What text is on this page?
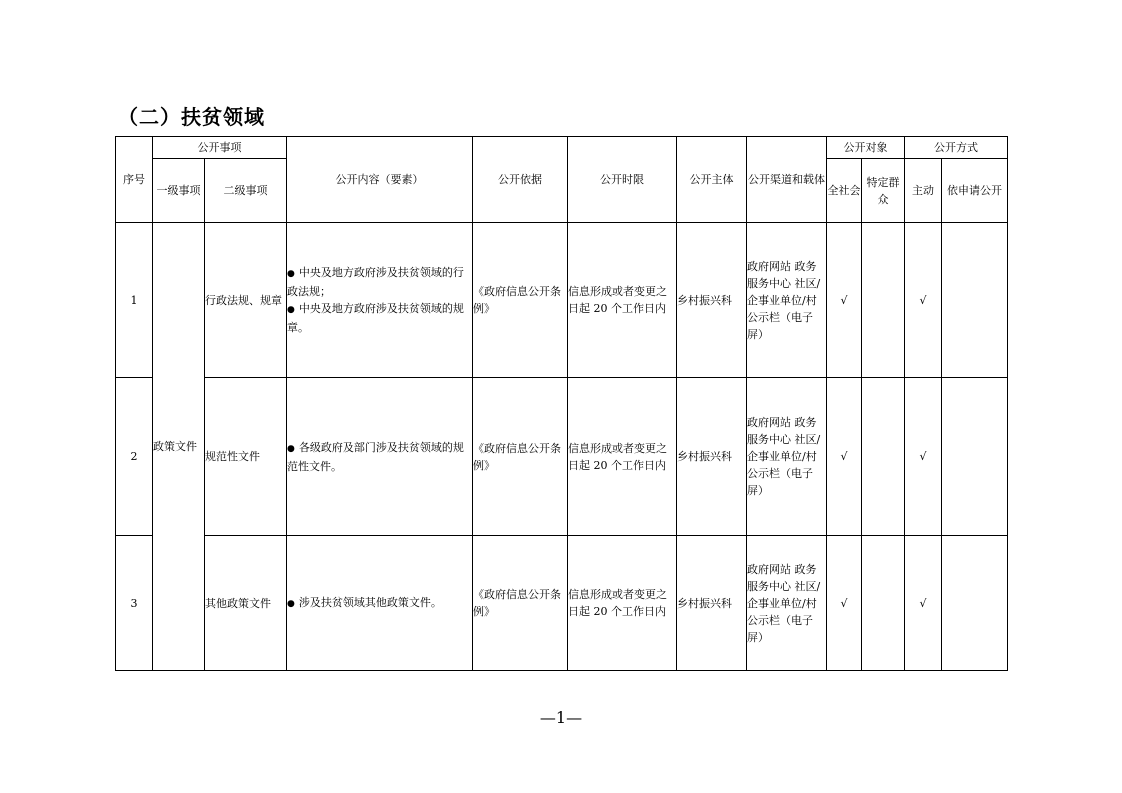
（二）扶贫领域
序号	公开事项		公开内容（要素）	公开依据	公开时限	公开主体	公开渠道和载体	公开对象		公开方式	
	一级事项	二级事项						全社会	特定群众	主动	依申请公开
1	政策文件	行政法规、规章	● 中央及地方政府涉及扶贫领域的行政法规；
● 中央及地方政府涉及扶贫领域的规章。	《政府信息公开条例》	信息形成或者变更之日起 20 个工作日内	乡村振兴科	政府网站 政务服务中心 社区/企事业单位/村公示栏（电子屏）	√		√	
2		规范性文件	● 各级政府及部门涉及扶贫领域的规范性文件。	《政府信息公开条例》	信息形成或者变更之日起 20 个工作日内	乡村振兴科	政府网站 政务服务中心 社区/企事业单位/村公示栏（电子屏）	√		√	
3		其他政策文件	● 涉及扶贫领域其他政策文件。	《政府信息公开条例》	信息形成或者变更之日起 20 个工作日内	乡村振兴科	政府网站 政务服务中心 社区/企事业单位/村公示栏（电子屏）	√		√	
—1—
